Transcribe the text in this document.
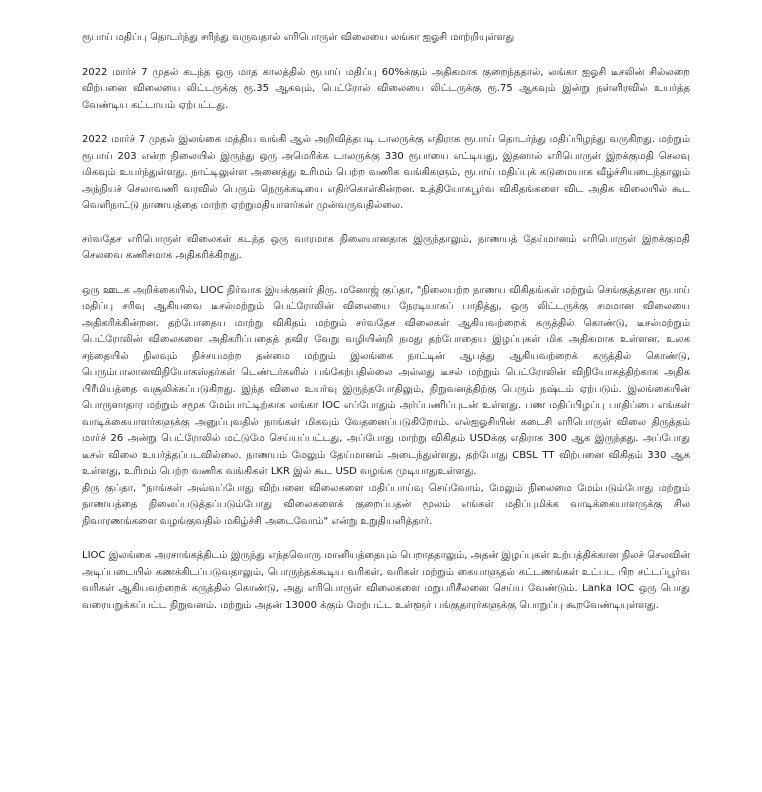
ரூபாய் மதிப்பு தொடர்ந்து சரிந்து வருவதால் எரிபொருள் விலையை லங்கா ஐஓசி மாற்றியுள்ளது

2022 மார்ச் 7 முதல் கடந்த ஒரு மாத காலத்தில் ரூபாய் மதிப்பு 60%க்கும் அதிகமாக குறைந்ததால், லங்கா ஐஓசி டீசலின் சில்லறை விற்பனை விலையை லிட்டருக்கு ரூ.35 ஆகவும், பெட்ரோல் விலையை லிட்டருக்கு ரூ.75 ஆகவும் இன்று நள்ளிரவில் உயர்த்த வேண்டிய கட்டாயம் ஏற்பட்டது.

2022 மார்ச் 7 முதல் இலங்கை மத்திய வங்கி ஆல் அறிவித்தபடி டாலருக்கு எதிராக ரூபாய் தொடர்ந்து மதிப்பிழந்து வருகிறது. மற்றும் ரூபாய் 203 என்ற நிலையில் இருந்து ஒரு அமெரிக்க டாலருக்கு 330 ரூபாயை எட்டியது, இதனால் எரிபொருள் இறக்குமதி செலவு மிகவும் உயர்ந்துள்ளது. நாட்டிலுள்ள அனைத்து உரிமம் பெற்ற வணிக வங்கிகளும், ரூபாய் மதிப்புக் கடுமையாக வீழ்ச்சியடைந்தாலும் அந்நியச் செலாவணி வரவில் பெரும் நெருக்கடியை எதிர்கொள்கின்றன. உத்தியோகபூர்வ விகிதங்களை விட அதிக விலையில் கூட வெளிநாட்டு நாணயத்தை மாற்ற ஏற்றுமதியாளர்கள் முன்வருவதில்லை.

சர்வதேச எரிபொருள் விலைகள் கடந்த ஒரு வாரமாக நிலையானதாக இருந்தாலும், நாணயத் தேய்மானம் எரிபொருள் இறக்குமதி செலவை கணிசமாக அதிகரிக்கிறது.

ஒரு ஊடக அறிக்கையில், LIOC நிர்வாக இயக்குனர் திரு. மனோஜ் குப்தா, "நிலையற்ற நாணய விகிதங்கள் மற்றும் செங்குத்தான ரூபாய் மதிப்பு சரிவு ஆகியவை டீசல்மற்றும் பெட்ரோலின் விலையை நேரடியாகப் பாதித்து, ஒரு லிட்டருக்கு சமமான விலையை அதிகரிக்கின்றன. தற்போதைய மாற்று விகிதம் மற்றும் சர்வதேச விலைகள் ஆகியவற்றைக் கருத்தில் கொண்டு, டீசல்மற்றும் பெட்ரோலின் விலைகளை அதிகரிப்பதைத் தவிர வேறு வழியின்றி நமது தற்போதைய இழப்புகள் மிக அதிகமாக உள்ளன. உலக சந்தையில் நிலவும் நிச்சயமற்ற தன்மை மற்றும் இலங்கை நாட்டின் ஆபத்து ஆகியவற்றைக் கருத்தில் கொண்டு, பெரும்பாலானவிநியோகஸ்தர்கள் டெண்டர்களில் பங்கேற்பதில்லை அல்லது டீசல் மற்றும் பெட்ரோலின் விநியோகத்திற்காக அதிக பிரீமியத்தை வசூலிக்கப்படுகிறது. இந்த விலை உயர்வு இருந்தபோதிலும், நிறுவனத்திற்கு பெரும் நஷ்டம் ஏற்படும். இலங்கையின் பொருளாதார மற்றும் சமூக மேம்பாட்டிற்காக லங்கா IOC எப்போதும் அர்ப்பணிப்புடன் உள்ளது. பண மதிப்பிழப்பு பாதிப்பை எங்கள் வாடிக்கையாளர்களுக்கு அனுப்புவதில் நாங்கள் மிகவும் வேதனைப்படுகிறோம். எல்ஐஓசியின் கடைசி எரிபொருள் விலை திருத்தம் மார்ச் 26 அன்று பெட்ரோலில் மட்டுமே செய்யப்பட்டது, அப்போது மாற்று விகிதம் USDக்கு எதிராக 300 ஆக இருந்தது. அப்போது டீசல் விலை உயர்த்தப்படவில்லை. நாணயம் மேலும் தேய்மானம் அடைந்துள்ளது, தற்போது CBSL TT விற்பனை விகிதம் 330 ஆக உள்ளது, உரிமம் பெற்ற வணிக வங்கிகள் LKR இல் கூட USD வழங்க முடியாதுஉள்ளது.

திரு குப்தா, "நாங்கள் அவ்வப்போது விற்பனை விலைகளை மதிப்பாய்வு செய்வோம், மேலும் நிலைமை மேம்படும்போது மற்றும் நாணயத்தை நிலைப்படுத்தப்படும்போது விலைகளைக் குறைப்பதன் மூலம் எங்கள் மதிப்புமிக்க வாடிக்கையாளருக்கு சில நிவாரணங்களை வழங்குவதில் மகிழ்ச்சி அடைவோம்" என்று உறுதியளித்தார்.

LIOC இலங்கை அரசாங்கத்திடம் இருந்து எந்தவொரு மானியத்தையும் பெறாததாலும், அதன் இழப்புகள் உற்பத்திக்கான நிலச் செலவின் அடிப்படையில் கணக்கிடப்படுவதாலும், பொருந்தக்கூடிய வரிகள், வரிகள் மற்றும் கையாளுதல் கட்டணங்கள் உட்பட பிற சட்டப்பூர்வ வரிகள் ஆகியவற்றைக் கருத்தில் கொண்டு, அது எரிபொருள் விலைகளை மறுபரிசீலனை செய்ய வேண்டும். Lanka IOC ஒரு பொது வரையறுக்கப்பட்ட நிறுவனம். மற்றும் அதன் 13000 க்கும் மேற்பட்ட உள்ளூர் பங்குதாரர்களுக்கு பொறுப்பு கூறவேண்டியுள்ளது.
